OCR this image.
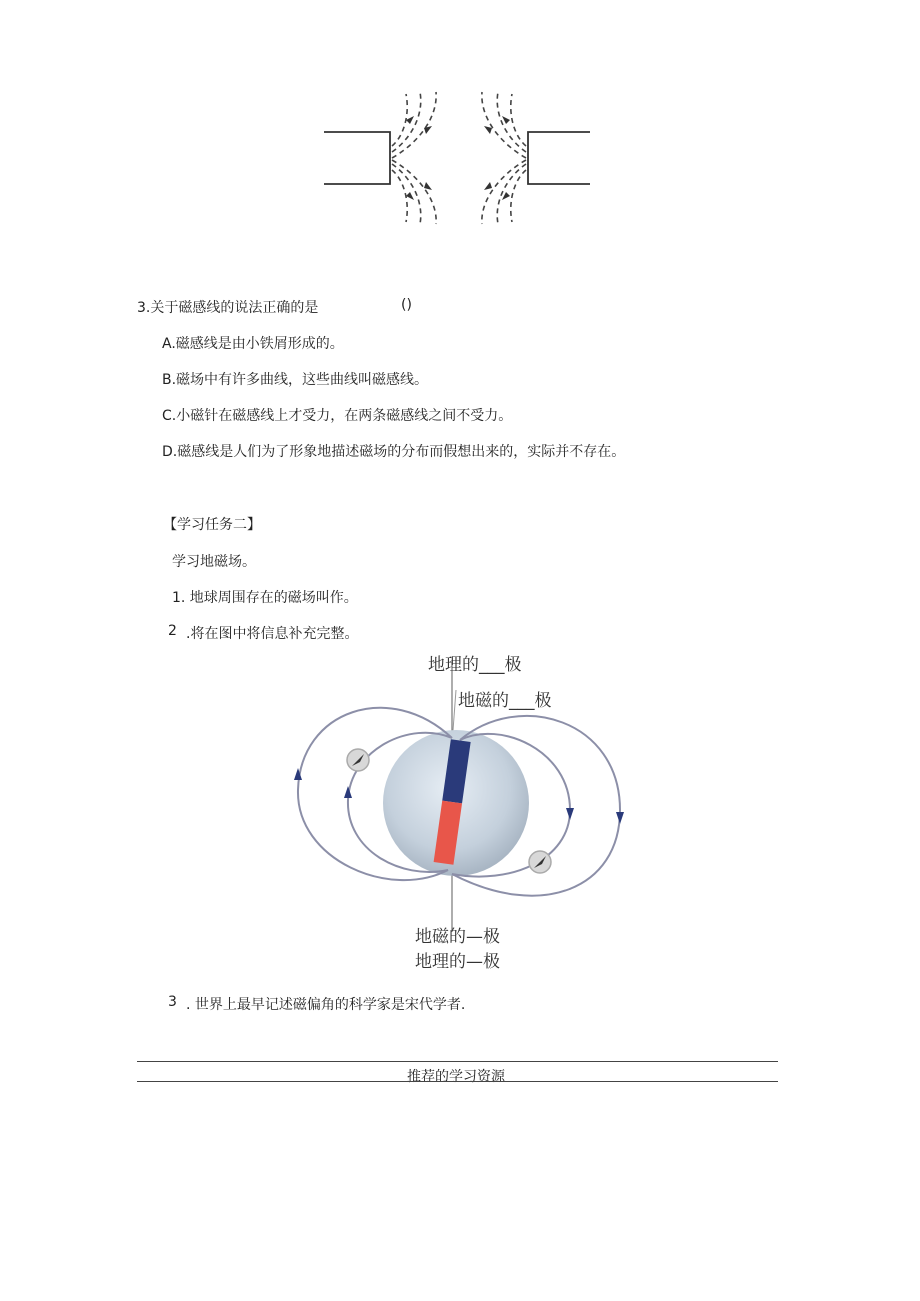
3.关于磁感线的说法正确的是	()
A.磁感线是由小铁屑形成的。
B.磁场中有许多曲线，这些曲线叫磁感线。
C.小磁针在磁感线上才受力，在两条磁感线之间不受力。
D.磁感线是人们为了形象地描述磁场的分布而假想出来的，实际并不存在。
【学习任务二】
学习地磁场。
1. 地球周围存在的磁场叫作。
2 .将在图中将信息补充完整。
地理的___极
地磁的___极
地磁的—极
地理的—极
3 . 世界上最早记述磁偏角的科学家是宋代学者.
推荐的学习资源
